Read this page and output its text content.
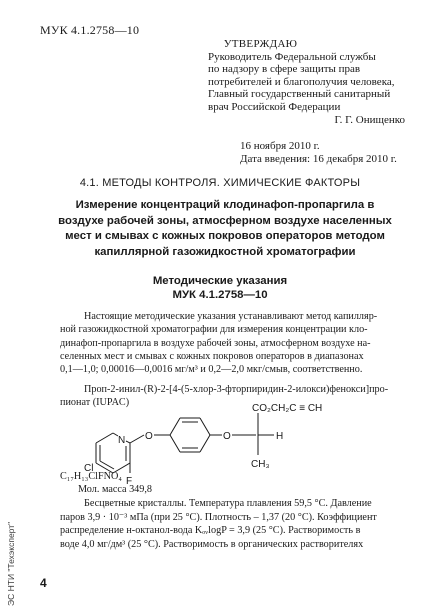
МУК 4.1.2758—10
УТВЕРЖДАЮ
Руководитель Федеральной службы
по надзору в сфере защиты прав
потребителей и благополучия человека,
Главный государственный санитарный
врач Российской Федерации
Г. Г. Онищенко
16 ноября 2010 г.
Дата введения: 16 декабря 2010 г.
4.1. МЕТОДЫ КОНТРОЛЯ. ХИМИЧЕСКИЕ ФАКТОРЫ
Измерение концентраций клодинафоп-пропаргила в
воздухе рабочей зоны, атмосферном воздухе населенных
мест и смывах с кожных покровов операторов методом
капиллярной газожидкостной хроматографии
Методические указания
МУК 4.1.2758—10
Настоящие методические указания устанавливают метод капилляр-
ной газожидкостной хроматографии для измерения концентрации кло-
динафоп-пропаргила в воздухе рабочей зоны, атмосферном воздухе на-
селенных мест и смывах с кожных покровов операторов в диапазонах
0,1—1,0; 0,00016—0,0016 мг/м³ и 0,2—2,0 мкг/смыв, соответственно.
Проп-2-инил-(R)-2-[4-(5-хлор-3-фторпиридин-2-илокси)фенокси]про-
пионат (IUPAC)
N
Cl
F
O	O
CO₂CH₂C ≡ CH
H
CH₃
C₁₇H₁₃ClFNO₄
Мол. масса 349,8
Бесцветные кристаллы. Температура плавления 59,5 °С. Давление
паров 3,9 · 10⁻³ мПа (при 25 °С). Плотность – 1,37 (20 °С). Коэффициент
распределение н-октанол-вода KₒᵥlogP = 3,9 (25 °С). Растворимость в
воде 4,0 мг/дм³ (25 °С). Растворимость в органических растворителях
ЭС НТИ "Техэксперт" 4
